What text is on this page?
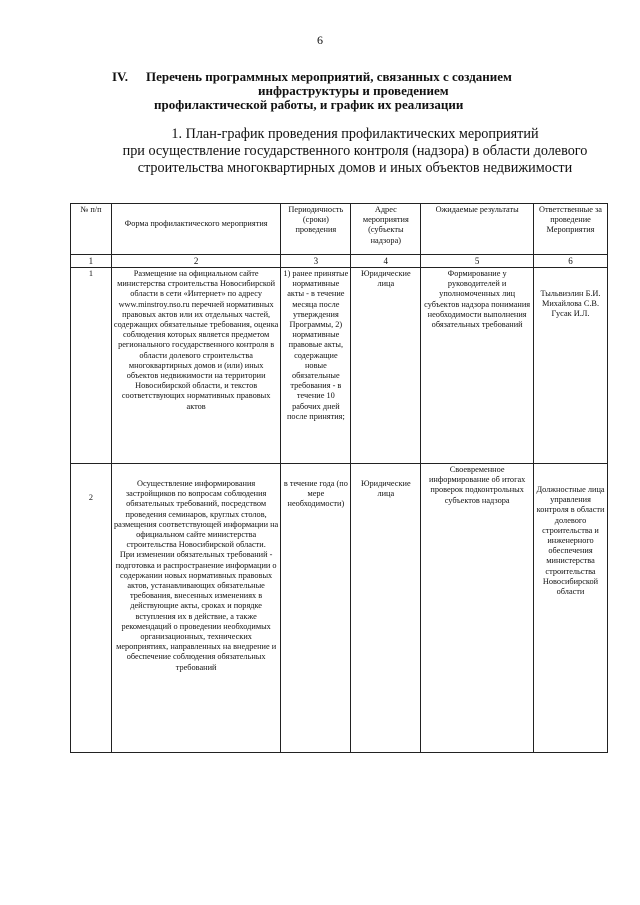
6
IV. Перечень программных мероприятий, связанных с созданием
инфраструктуры и проведением
профилактической работы, и график их реализации
1. План-график проведения профилактических мероприятий
при осуществление государственного контроля (надзора) в области долевого
строительства многоквартирных домов и иных объектов недвижимости
№ п/п	Форма профилактического мероприятия	Периодичность (сроки) проведения	Адрес мероприятия (субъекты надзора)	Ожидаемые результаты	Ответственные за проведение Мероприятия
1	2	3	4	5	6
1	Размещение на официальном сайте министерства строительства Новосибирской области в сети «Интернет» по адресу www.minstroy.nso.ru перечней нормативных правовых актов или их отдельных частей, содержащих обязательные требования, оценка соблюдения которых является предметом регионального государственного контроля в области долевого строительства многоквартирных домов и (или) иных объектов недвижимости на территории Новосибирской области, и текстов соответствующих нормативных правовых актов	1) ранее принятые нормативные акты - в течение месяца после утверждения Программы, 2) нормативные правовые акты, содержащие новые обязательные требования - в течение 10 рабочих дней после принятия;	Юридические лица	Формирование у руководителей и уполномоченных лиц субъектов надзора понимания необходимости выполнения обязательных требований	Тыльвиэлин Б.И. Михайлова С.В. Гусак И.Л.

2	Осуществление информирования застройщиков по вопросам соблюдения обязательных требований, посредством проведения семинаров, круглых столов, размещения соответствующей информации на официальном сайте министерства строительства Новосибирской области.
При изменении обязательных требований - подготовка и распространение информации о содержании новых нормативных правовых актов, устанавливающих обязательные требования, внесенных изменениях в действующие акты, сроках и порядке вступления их в действие, а также рекомендаций о проведении необходимых организационных, технических мероприятиях, направленных на внедрение и обеспечение соблюдения обязательных требований	в течение года (по мере необходимости)	Юридические лица	Своевременное информирование об итогах проверок подконтрольных субъектов надзора	Должностные лица управления контроля в области долевого строительства и инженерного обеспечения министерства строительства Новосибирской области
